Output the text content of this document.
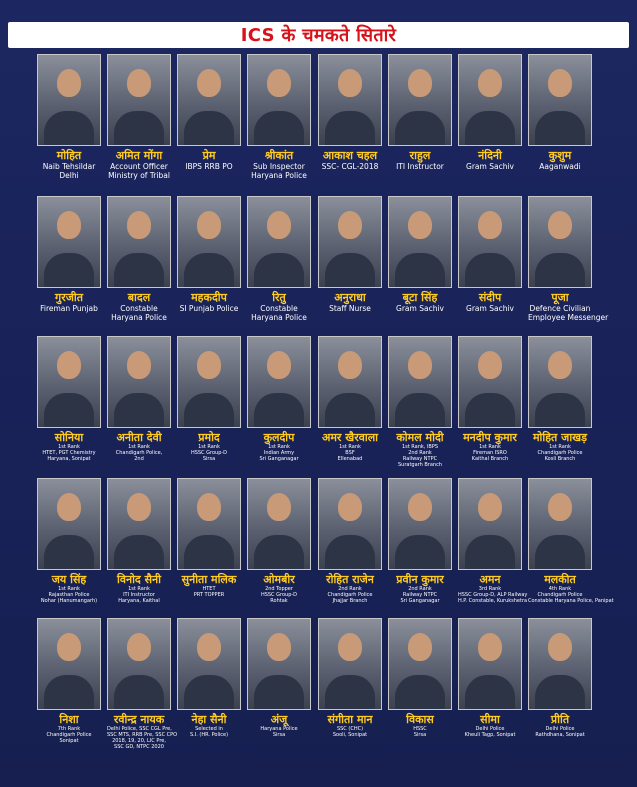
ICS के चमकते सितारे
मोहित
Naib Tehsildar
Delhi
अमित मोंगा
Account Officer
Ministry of Tribal
प्रेम
IBPS RRB PO
श्रीकांत
Sub Inspector
Haryana Police
आकाश चहल
SSC- CGL-2018
राहुल
ITI Instructor
नंदिनी
Gram Sachiv
कुशुम
Aaganwadi
गुरजीत
Fireman Punjab
बादल
Constable
Haryana Police
महकदीप
SI Punjab Police
रितु
Constable
Haryana Police
अनुराधा
Staff Nurse
बूटा सिंह
Gram Sachiv
संदीप
Gram Sachiv
पूजा
Defence Civilian
Employee Messenger
सोनिया
1st Rank
HTET, PGT Chemistry
Haryana, Sonipat
अनीता देवी
1st Rank
Chandigarh Police,
2nd
प्रमोद
1st Rank
HSSC Group-D
Sirsa
कुलदीप
1st Rank
Indian Army
Sri Ganganagar
अमर खैरवाला
1st Rank
BSF
Ellenabad
कोमल मोदी
1st Rank, IBPS
2nd Rank
Railway NTPC
Suratgarh Branch
मनदीप कुमार
1st Rank
Fireman ISRO
Kaithal Branch
मोहित जाखड़
1st Rank
Chandigarh Police
Kosli Branch
जय सिंह
1st Rank
Rajasthan Police
Nohar (Hanumangarh)
विनोद सैनी
1st Rank
ITI Instructor
Haryana, Kaithal
सुनीता मलिक
HTET
PRT TOPPER
ओमबीर
2nd Topper
HSSC Group-D
Rohtak
रोहित राजेन
2nd Rank
Chandigarh Police
Jhajjar Branch
प्रवीन कुमार
2nd Rank
Railway NTPC
Sri Ganganagar
अमन
3rd Rank
HSSC Group-D, ALP Railway
H.P. Constable, Kurukshetra
मलकीत
4th Rank
Chandigarh Police
Constable Haryana Police, Panipat
निशा
7th Rank
Chandigarh Police
Sonipat
रवीन्द्र नायक
Delhi Police, SSC CGL Pre,
SSC MTS, RRB Pre, SSC CPO
2018, 19, 20, LIC Pre,
SSC GD, NTPC 2020
नेहा सैनी
Selected in
S.I. (HR. Police)
अंजू
Haryana Police
Sirsa
संगीता मान
SSC (CHC)
Sooli, Sonipat
विकास
HSSC
Sirsa
सीमा
Delhi Police
Kheuli Tagp, Sonipat
प्रीति
Delhi Police
Rathdhana, Sonipat
